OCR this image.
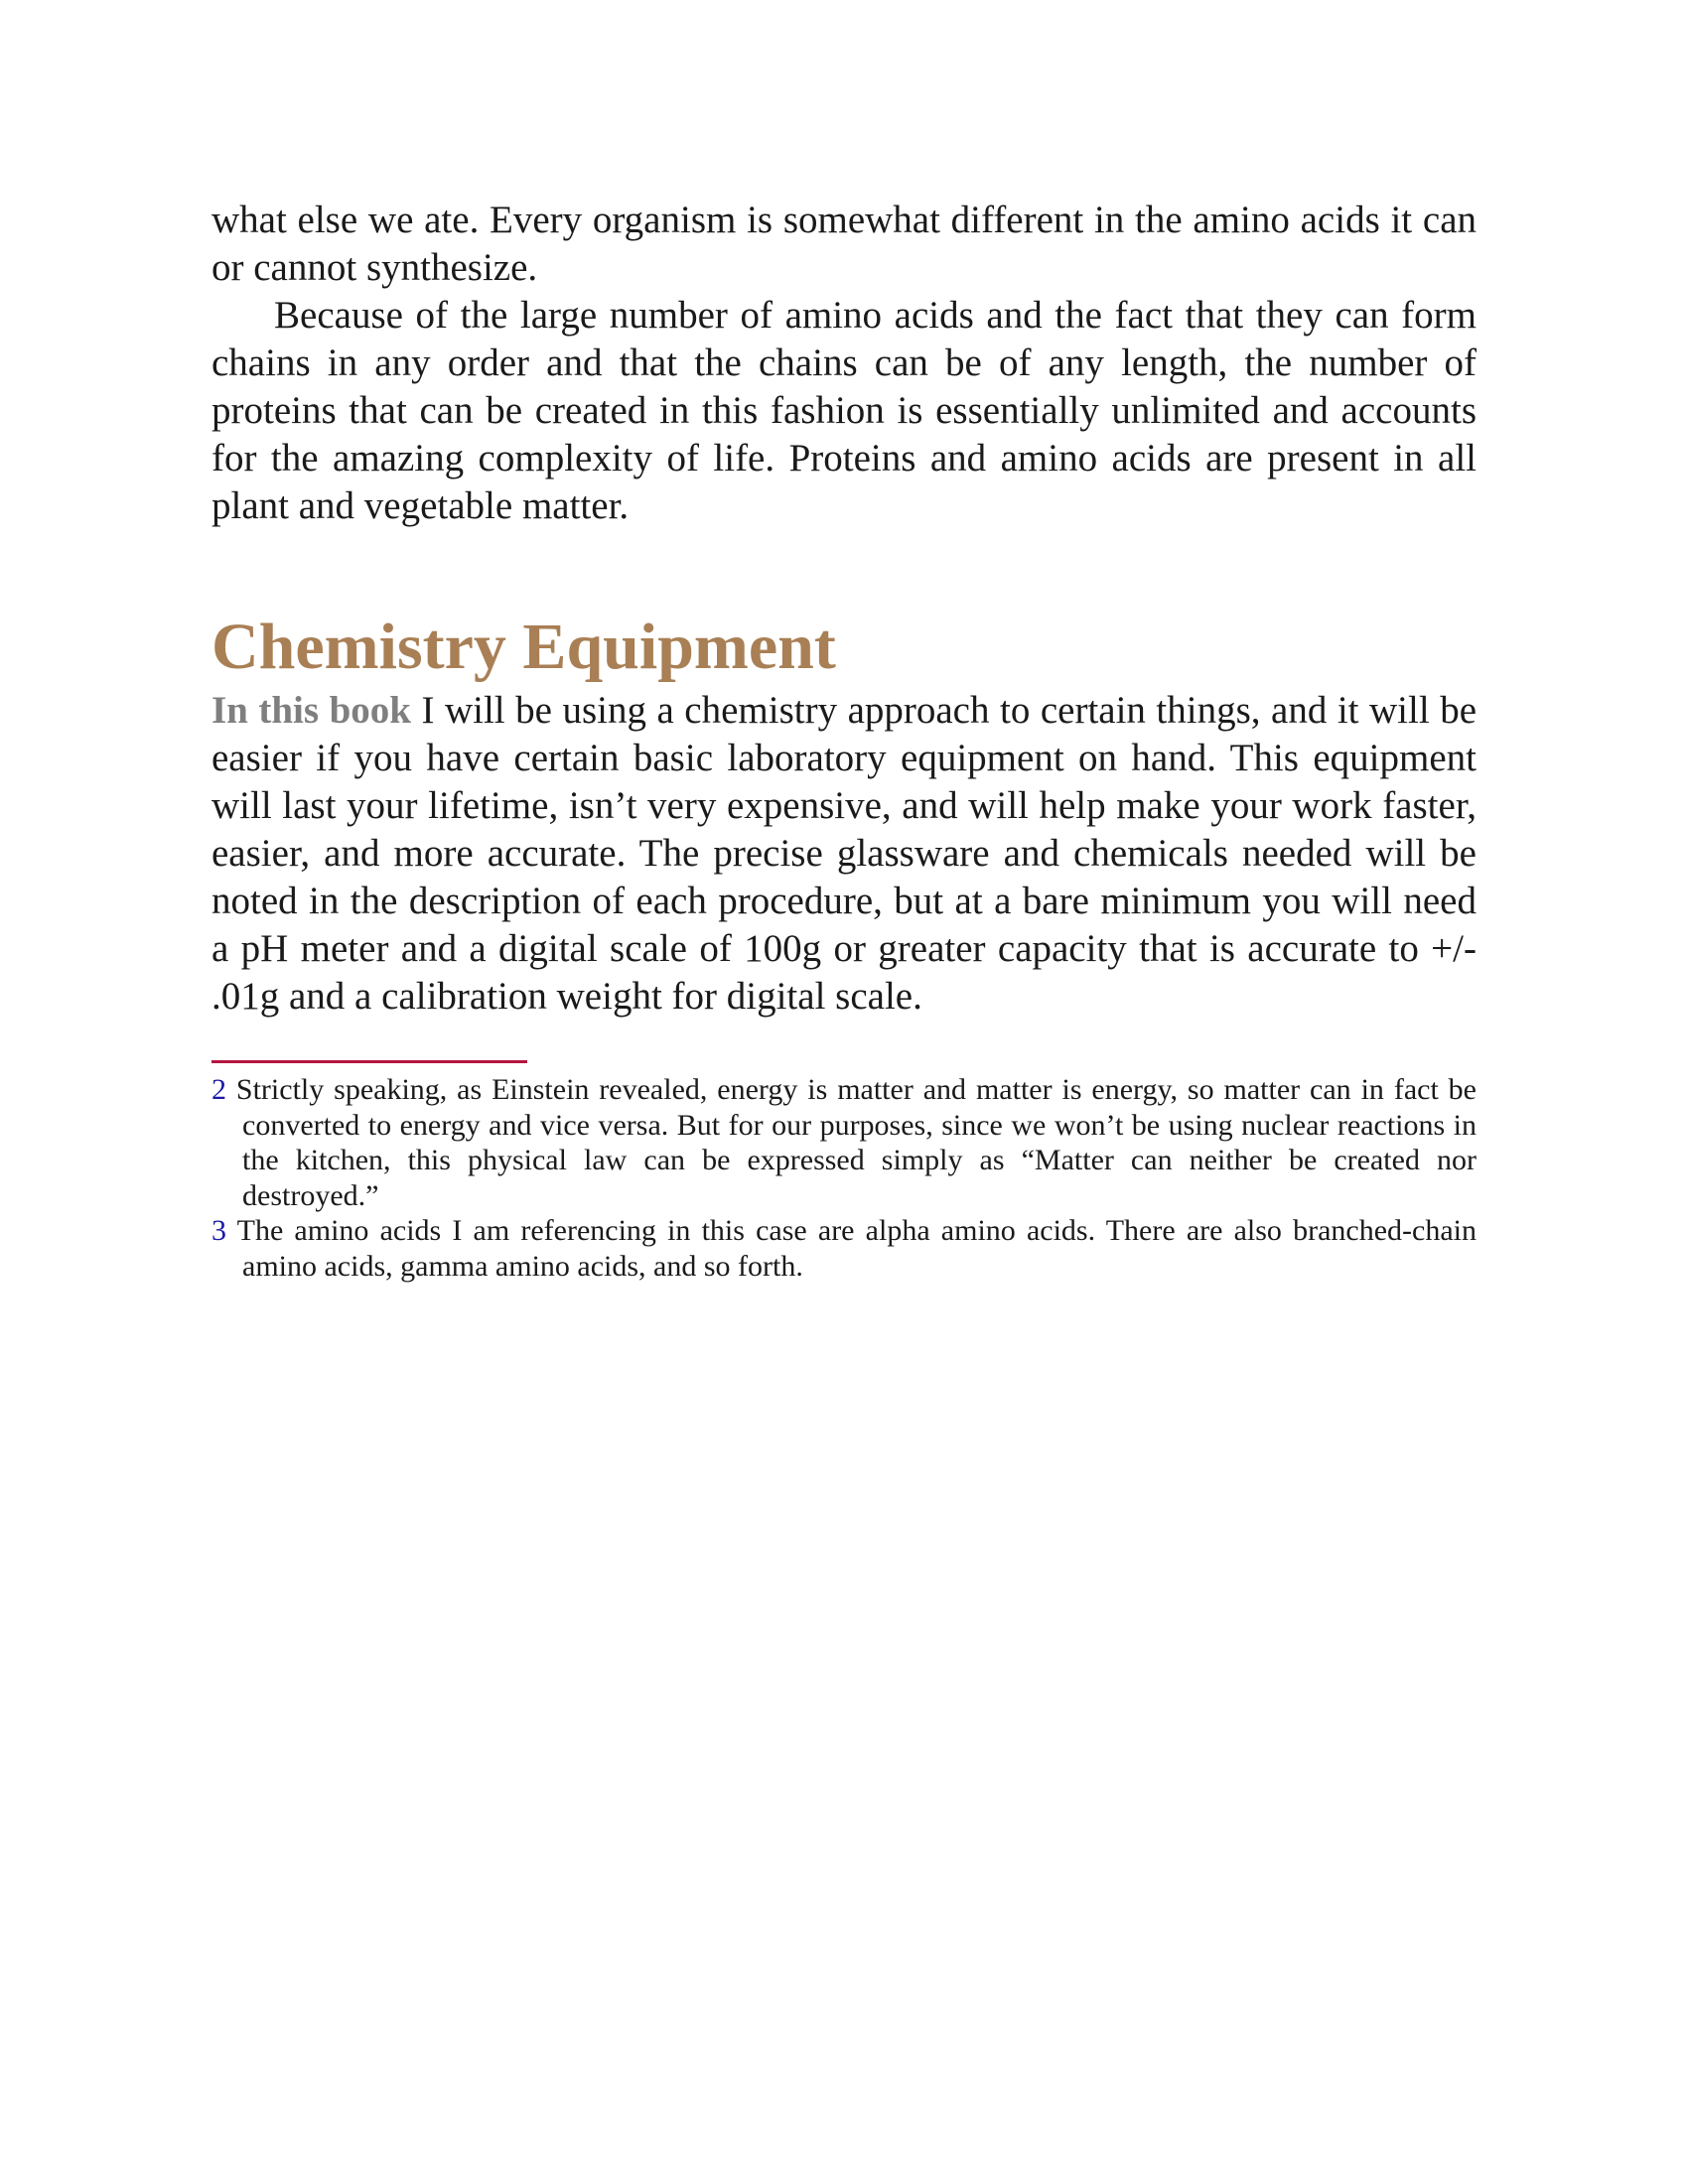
what else we ate. Every organism is somewhat different in the amino acids it can or cannot synthesize.

Because of the large number of amino acids and the fact that they can form chains in any order and that the chains can be of any length, the number of proteins that can be created in this fashion is essentially unlimited and accounts for the amazing complexity of life. Proteins and amino acids are present in all plant and vegetable matter.

Chemistry Equipment

In this book I will be using a chemistry approach to certain things, and it will be easier if you have certain basic laboratory equipment on hand. This equipment will last your lifetime, isn’t very expensive, and will help make your work faster, easier, and more accurate. The precise glassware and chemicals needed will be noted in the description of each procedure, but at a bare minimum you will need a pH meter and a digital scale of 100g or greater capacity that is accurate to +/- .01g and a calibration weight for digital scale.

2 Strictly speaking, as Einstein revealed, energy is matter and matter is energy, so matter can in fact be converted to energy and vice versa. But for our purposes, since we won’t be using nuclear reactions in the kitchen, this physical law can be expressed simply as “Matter can neither be created nor destroyed.”

3 The amino acids I am referencing in this case are alpha amino acids. There are also branched-chain amino acids, gamma amino acids, and so forth.
